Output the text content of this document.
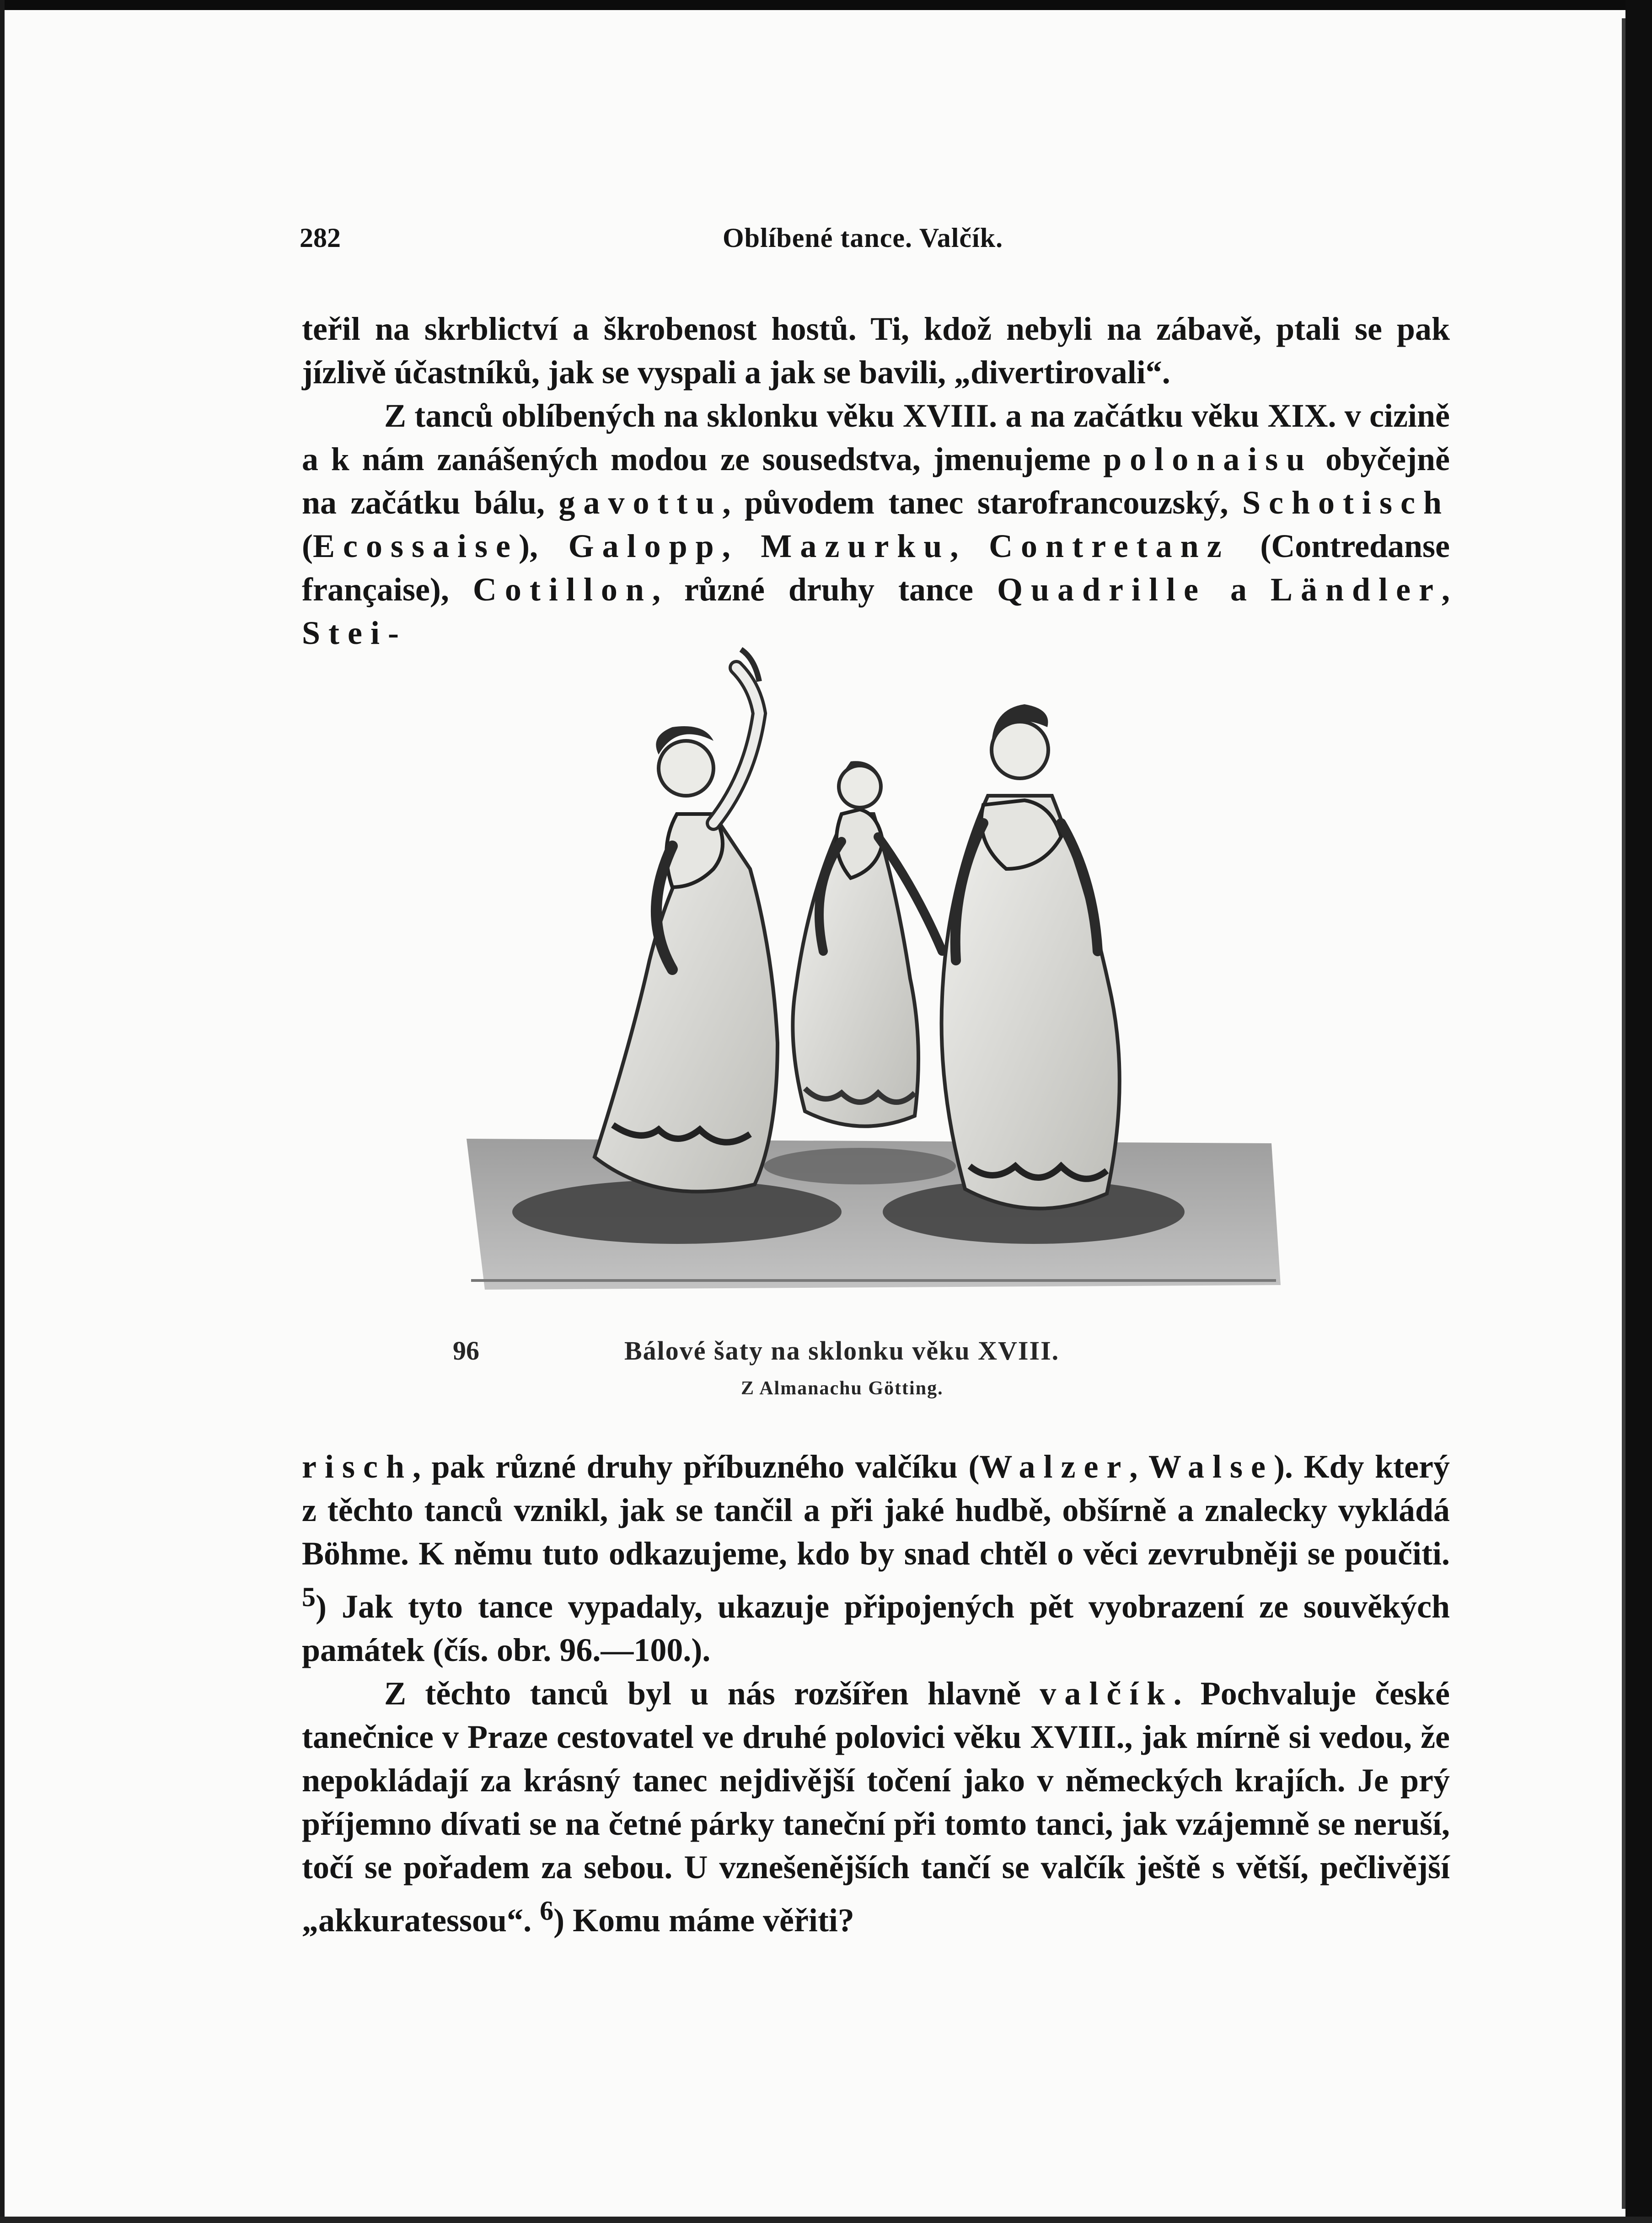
282	Oblíbené tance. Valčík.

teřil na skrblictví a škrobenost hostů. Ti, kdož nebyli na zábavě, ptali se pak jízlivě účastníků, jak se vyspali a jak se bavili, „divertirovali“.

Z tanců oblíbených na sklonku věku XVIII. a na začátku věku XIX. v cizině a k nám zanášených modou ze sousedstva, jmenujeme polonaisu obyčejně na začátku bálu, gavottu, původem tanec starofrancouzský, Schotisch (Ecossaise), Galopp, Mazurku, Contretanz (Contredanse française), Cotillon, různé druhy tance Quadrille a Ländler, Stei-

96	Bálové šaty na sklonku věku XVIII.
Z Almanachu Götting.

risch, pak různé druhy příbuzného valčíku (Walzer, Walse). Kdy který z těchto tanců vznikl, jak se tančil a při jaké hudbě, obšírně a znalecky vykládá Böhme. K němu tuto odkazujeme, kdo by snad chtěl o věci zevrubněji se poučiti. $^5$) Jak tyto tance vypadaly, ukazuje připojených pět vyobrazení ze souvěkých památek (čís. obr. 96.—100.).

Z těchto tanců byl u nás rozšířen hlavně valčík. Pochvaluje české tanečnice v Praze cestovatel ve druhé polovici věku XVIII., jak mírně si vedou, že nepokládají za krásný tanec nejdivější točení jako v německých krajích. Je prý příjemno dívati se na četné párky taneční při tomto tanci, jak vzájemně se neruší, točí se pořadem za sebou. U vznešenějších tančí se valčík ještě s větší, pečlivější „akkuratessou“. $^6$) Komu máme věřiti?
